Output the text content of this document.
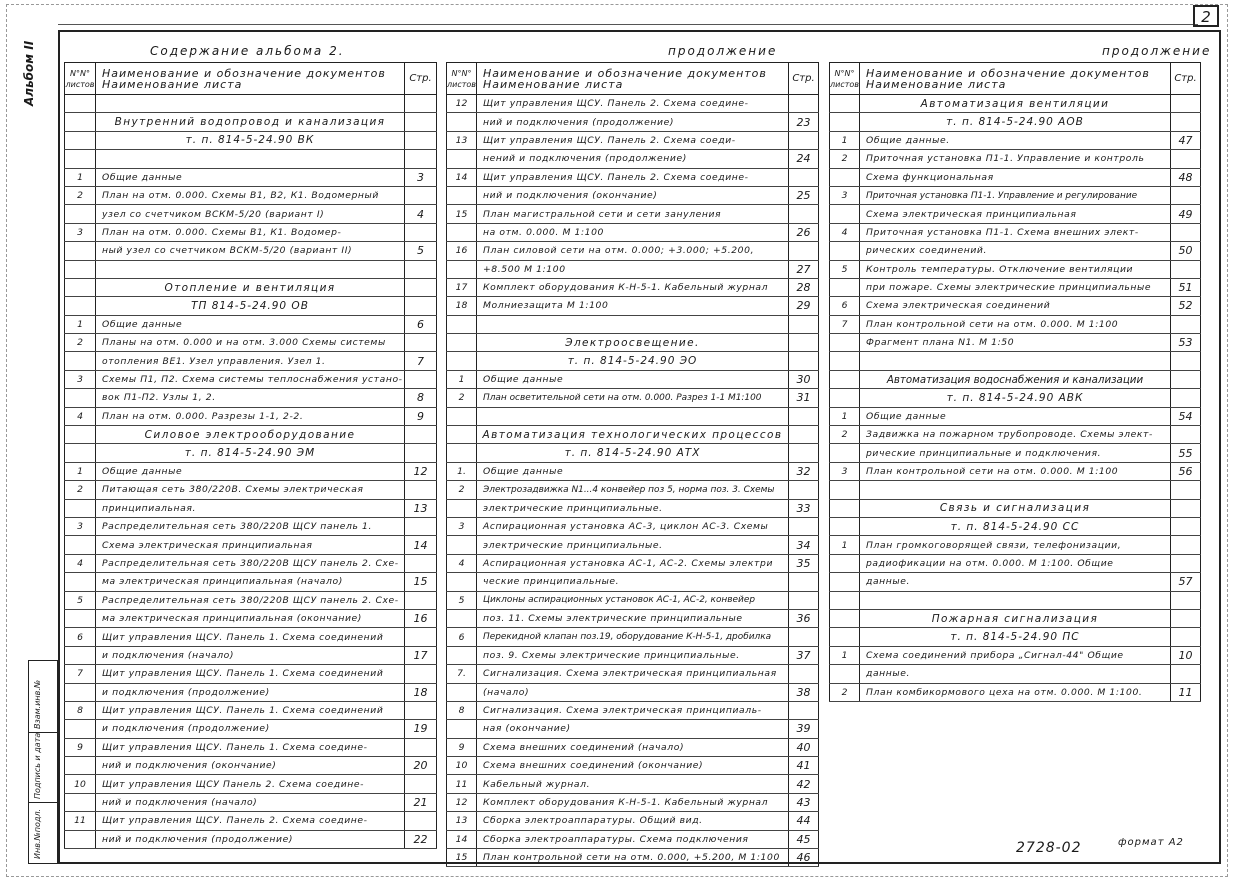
2
Альбом II
Взам.инв.№
Подпись и дата
Инв.№подл.
Содержание альбома 2.	продолжение	продолжение
N°N° листов	Наименование и обозначение документов Наименование листа	Стр.

	Внутренний водопровод и канализация	
	т. п. 814-5-24.90 ВК	

1	Общие данные	3
2	План на отм. 0.000. Схемы В1, В2, К1. Водомерный	
	узел со счетчиком ВСКМ-5/20 (вариант I)	4
3	План на отм. 0.000. Схемы В1, К1. Водомер-	
	ный узел со счетчиком ВСКМ-5/20 (вариант II)	5

	Отопление и вентиляция	
	ТП 814-5-24.90 ОВ	
1	Общие данные	6
2	Планы на отм. 0.000 и на отм. 3.000 Схемы системы	
	отопления ВЕ1. Узел управления. Узел 1.	7
3	Схемы П1, П2. Схема системы теплоснабжения устано-	
	вок П1-П2. Узлы 1, 2.	8
4	План на отм. 0.000. Разрезы 1-1, 2-2.	9
	Силовое электрооборудование	
	т. п. 814-5-24.90 ЭМ	
1	Общие данные	12
2	Питающая сеть 380/220В. Схемы электрическая	
	принципиальная.	13
3	Распределительная сеть 380/220В ЩСУ панель 1.	
	Схема электрическая принципиальная	14
4	Распределительная сеть 380/220В ЩСУ панель 2. Схе-	
	ма электрическая принципиальная (начало)	15
5	Распределительная сеть 380/220В ЩСУ панель 2. Схе-	
	ма электрическая принципиальная (окончание)	16
6	Щит управления ЩСУ. Панель 1. Схема соединений	
	и подключения (начало)	17
7	Щит управления ЩСУ. Панель 1. Схема соединений	
	и подключения (продолжение)	18
8	Щит управления ЩСУ. Панель 1. Схема соединений	
	и подключения (продолжение)	19
9	Щит управления ЩСУ. Панель 1. Схема соедине-	
	ний и подключения (окончание)	20
10	Щит управления ЩСУ Панель 2. Схема соедине-	
	ний и подключения (начало)	21
11	Щит управления ЩСУ. Панель 2. Схема соедине-	
	ний и подключения (продолжение)	22
N°N° листов	Наименование и обозначение документов Наименование листа	Стр.
12	Щит управления ЩСУ. Панель 2. Схема соедине-	
	ний и подключения (продолжение)	23
13	Щит управления ЩСУ. Панель 2. Схема соеди-	
	нений и подключения (продолжение)	24
14	Щит управления ЩСУ. Панель 2. Схема соедине-	
	ний и подключения (окончание)	25
15	План магистральной сети и сети зануления	
	на отм. 0.000. М 1:100	26
16	План силовой сети на отм. 0.000; +3.000; +5.200,	
	+8.500 М 1:100	27
17	Комплект оборудования К-Н-5-1. Кабельный журнал	28
18	Молниезащита М 1:100	29

	Электроосвещение.	
	т. п. 814-5-24.90 ЭО	
1	Общие данные	30
2	План осветительной сети на отм. 0.000. Разрез 1-1 М1:100	31

	Автоматизация технологических процессов	
	т. п. 814-5-24.90 АТХ	
1.	Общие данные	32
2	Электрозадвижка N1...4 конвейер поз 5, норма поз. 3. Схемы	
	электрические принципиальные.	33
3	Аспирационная установка АС-3, циклон АС-3. Схемы	
	электрические принципиальные.	34
4	Аспирационная установка АС-1, АС-2. Схемы электри	35
	ческие принципиальные.	
5	Циклоны аспирационных установок АС-1, АС-2, конвейер	
	поз. 11. Схемы электрические принципиальные	36
6	Перекидной клапан поз.19, оборудование К-Н-5-1, дробилка	
	поз. 9. Схемы электрические принципиальные.	37
7.	Сигнализация. Схема электрическая принципиальная	
	(начало)	38
8	Сигнализация. Схема электрическая принципиаль-	
	ная (окончание)	39
9	Схема внешних соединений (начало)	40
10	Схема внешних соединений (окончание)	41
11	Кабельный журнал.	42
12	Комплект оборудования К-Н-5-1. Кабельный журнал	43
13	Сборка электроаппаратуры. Общий вид.	44
14	Сборка электроаппаратуры. Схема подключения	45
15	План контрольной сети на отм. 0.000, +5.200, М 1:100	46
N°N° листов	Наименование и обозначение документов Наименование листа	Стр.
	Автоматизация вентиляции	
	т. п. 814-5-24.90 АОВ	
1	Общие данные.	47
2	Приточная установка П1-1. Управление и контроль	
	Схема функциональная	48
3	Приточная установка П1-1. Управление и регулирование	
	Схема электрическая принципиальная	49
4	Приточная установка П1-1. Схема внешних элект-	
	рических соединений.	50
5	Контроль температуры. Отключение вентиляции	
	при пожаре. Схемы электрические принципиальные	51
6	Схема электрическая соединений	52
7	План контрольной сети на отм. 0.000. М 1:100	
	Фрагмент плана N1. М 1:50	53

	Автоматизация водоснабжения и канализации	
	т. п. 814-5-24.90 АВК	
1	Общие данные	54
2	Задвижка на пожарном трубопроводе. Схемы элект-	
	рические принципиальные и подключения.	55
3	План контрольной сети на отм. 0.000. М 1:100	56

	Связь и сигнализация	
	т. п. 814-5-24.90 СС	
1	План громкоговорящей связи, телефонизации,	
	радиофикации на отм. 0.000. М 1:100. Общие	
	данные.	57

	Пожарная сигнализация	
	т. п. 814-5-24.90 ПС	
1	Схема соединений прибора „Сигнал-44" Общие	10
	данные.	
2	План комбикормового цеха на отм. 0.000. М 1:100.	11
2728-02	формат А2
